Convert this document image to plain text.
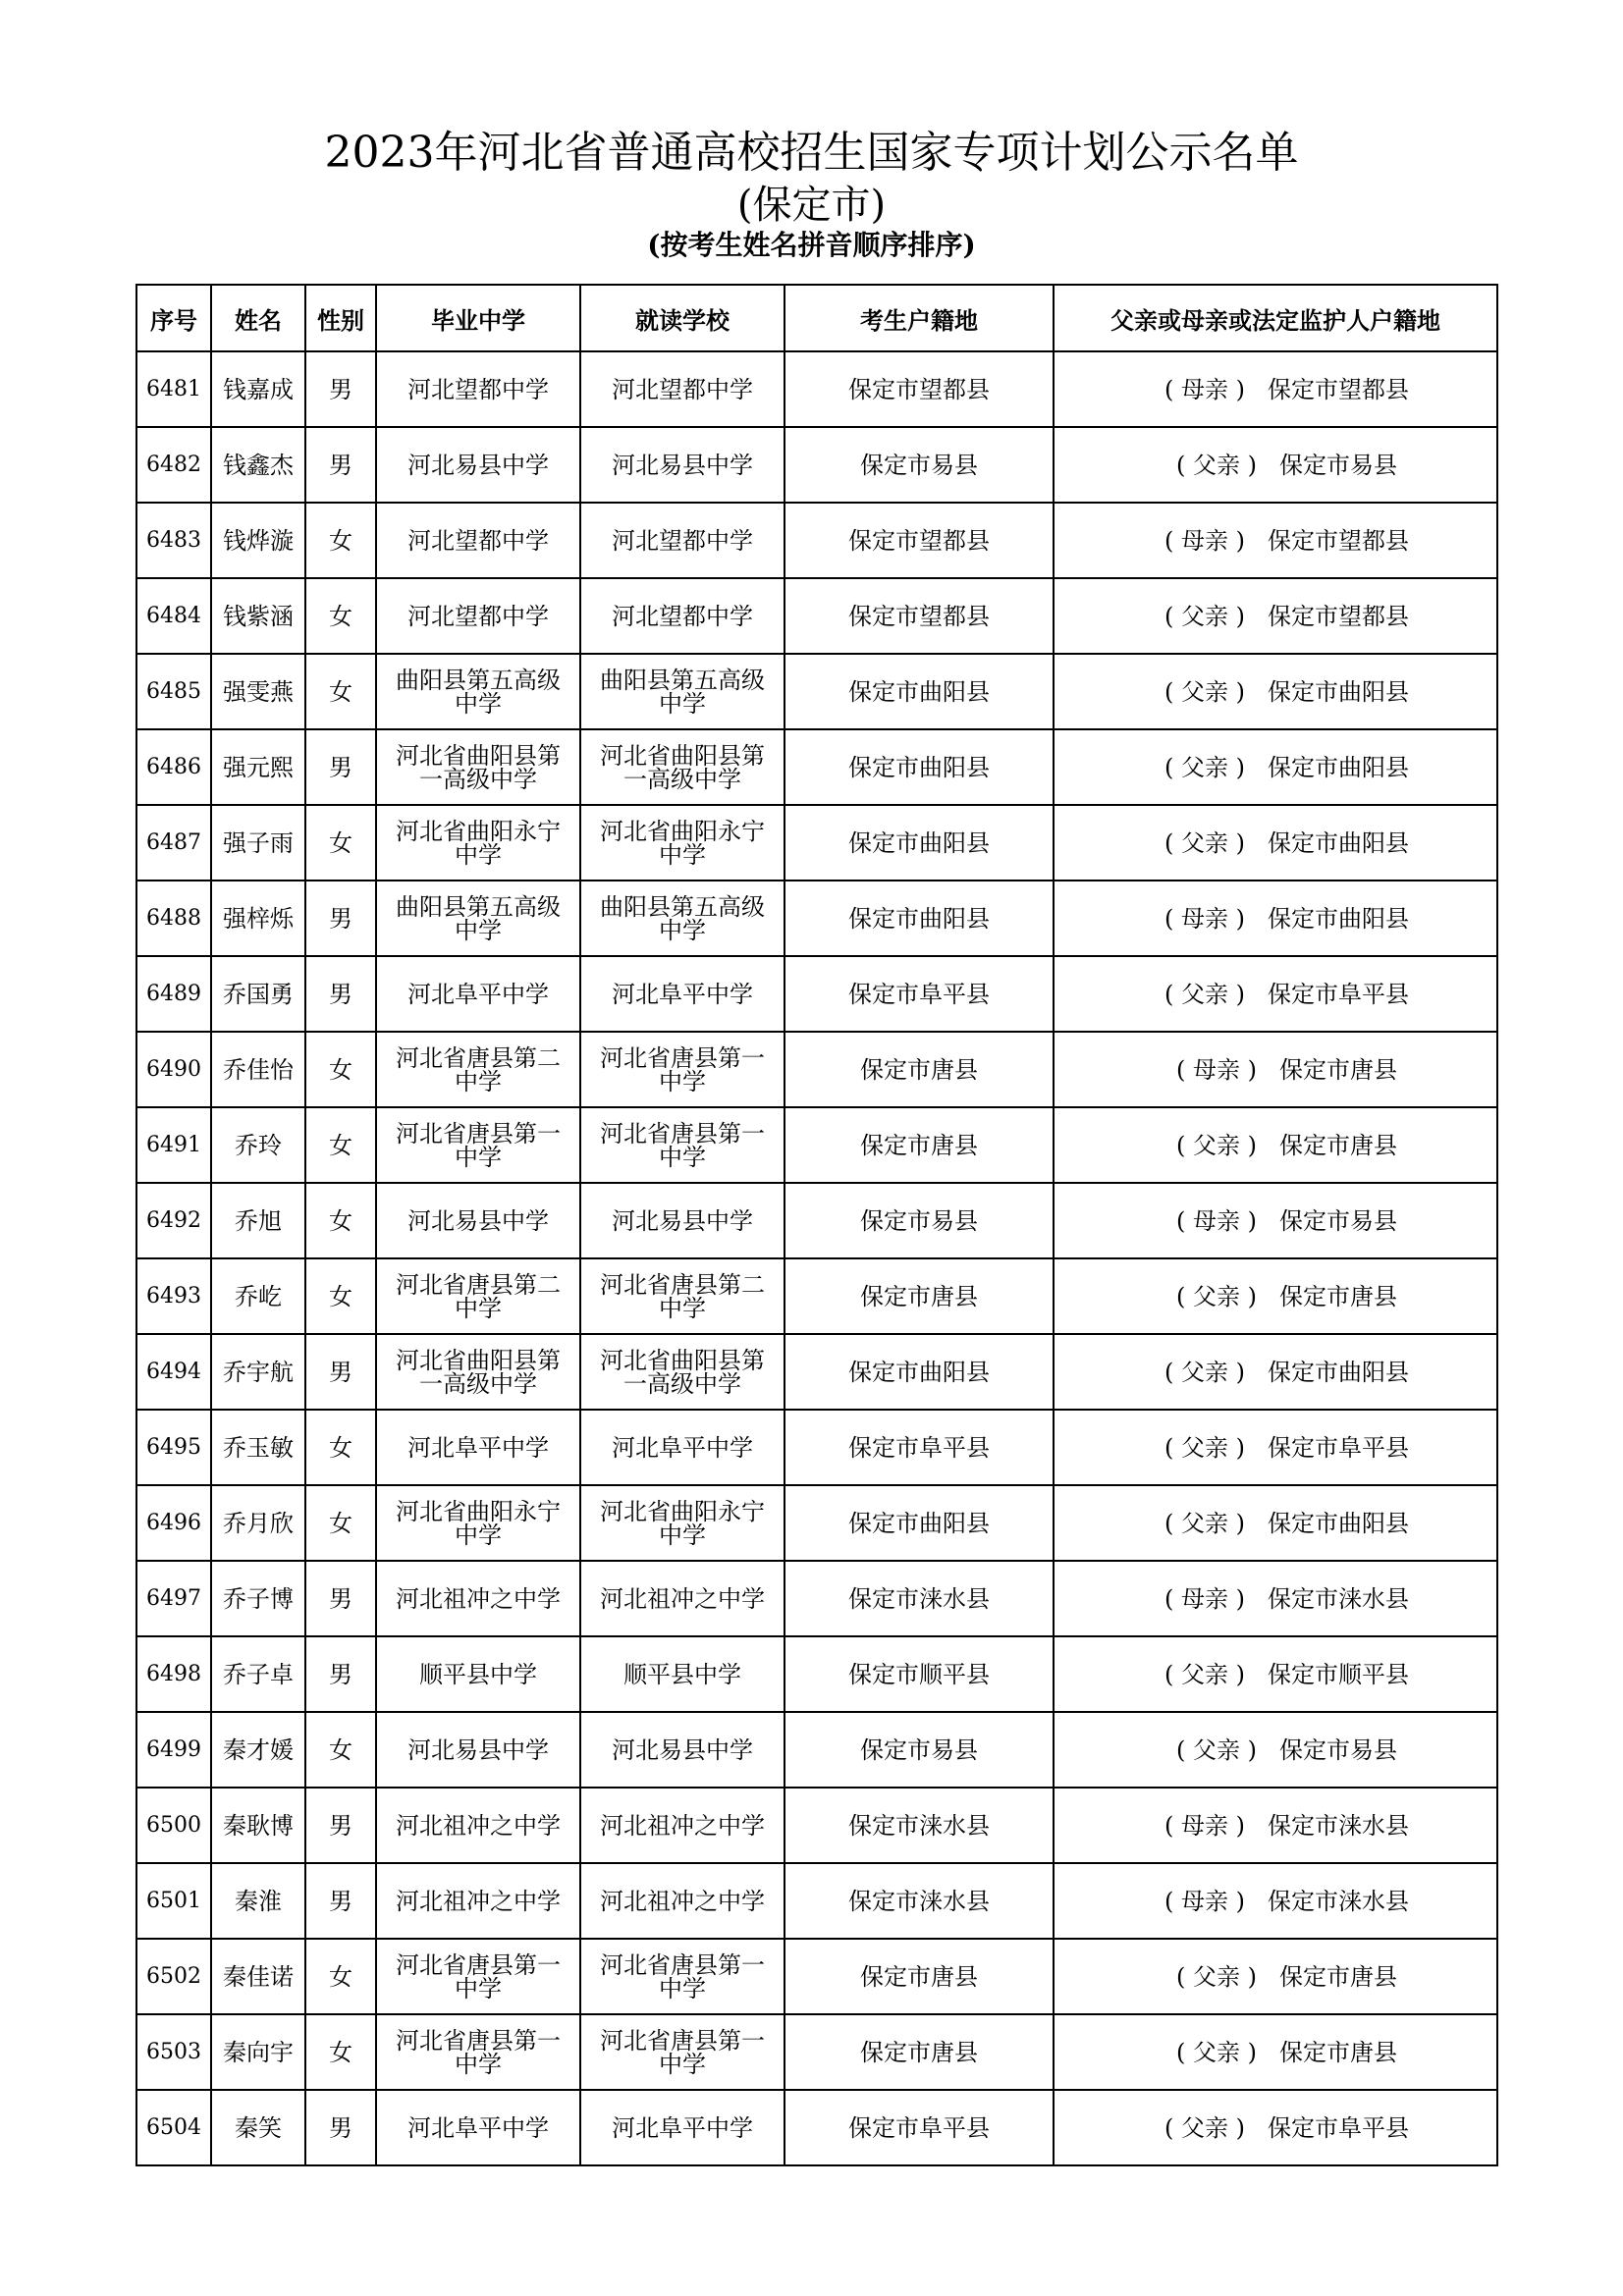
2023年河北省普通高校招生国家专项计划公示名单
(保定市)
(按考生姓名拼音顺序排序)
序号	姓名	性别	毕业中学	就读学校	考生户籍地	父亲或母亲或法定监护人户籍地
6481	钱嘉成	男	河北望都中学	河北望都中学	保定市望都县	( 母亲 ) 保定市望都县
6482	钱鑫杰	男	河北易县中学	河北易县中学	保定市易县	( 父亲 ) 保定市易县
6483	钱烨漩	女	河北望都中学	河北望都中学	保定市望都县	( 母亲 ) 保定市望都县
6484	钱紫涵	女	河北望都中学	河北望都中学	保定市望都县	( 父亲 ) 保定市望都县
6485	强雯燕	女	曲阳县第五高级中学	曲阳县第五高级中学	保定市曲阳县	( 父亲 ) 保定市曲阳县
6486	强元熙	男	河北省曲阳县第一高级中学	河北省曲阳县第一高级中学	保定市曲阳县	( 父亲 ) 保定市曲阳县
6487	强子雨	女	河北省曲阳永宁中学	河北省曲阳永宁中学	保定市曲阳县	( 父亲 ) 保定市曲阳县
6488	强梓烁	男	曲阳县第五高级中学	曲阳县第五高级中学	保定市曲阳县	( 母亲 ) 保定市曲阳县
6489	乔国勇	男	河北阜平中学	河北阜平中学	保定市阜平县	( 父亲 ) 保定市阜平县
6490	乔佳怡	女	河北省唐县第二中学	河北省唐县第一中学	保定市唐县	( 母亲 ) 保定市唐县
6491	乔玲	女	河北省唐县第一中学	河北省唐县第一中学	保定市唐县	( 父亲 ) 保定市唐县
6492	乔旭	女	河北易县中学	河北易县中学	保定市易县	( 母亲 ) 保定市易县
6493	乔屹	女	河北省唐县第二中学	河北省唐县第二中学	保定市唐县	( 父亲 ) 保定市唐县
6494	乔宇航	男	河北省曲阳县第一高级中学	河北省曲阳县第一高级中学	保定市曲阳县	( 父亲 ) 保定市曲阳县
6495	乔玉敏	女	河北阜平中学	河北阜平中学	保定市阜平县	( 父亲 ) 保定市阜平县
6496	乔月欣	女	河北省曲阳永宁中学	河北省曲阳永宁中学	保定市曲阳县	( 父亲 ) 保定市曲阳县
6497	乔子博	男	河北祖冲之中学	河北祖冲之中学	保定市涞水县	( 母亲 ) 保定市涞水县
6498	乔子卓	男	顺平县中学	顺平县中学	保定市顺平县	( 父亲 ) 保定市顺平县
6499	秦才媛	女	河北易县中学	河北易县中学	保定市易县	( 父亲 ) 保定市易县
6500	秦耿博	男	河北祖冲之中学	河北祖冲之中学	保定市涞水县	( 母亲 ) 保定市涞水县
6501	秦淮	男	河北祖冲之中学	河北祖冲之中学	保定市涞水县	( 母亲 ) 保定市涞水县
6502	秦佳诺	女	河北省唐县第一中学	河北省唐县第一中学	保定市唐县	( 父亲 ) 保定市唐县
6503	秦向宇	女	河北省唐县第一中学	河北省唐县第一中学	保定市唐县	( 父亲 ) 保定市唐县
6504	秦笑	男	河北阜平中学	河北阜平中学	保定市阜平县	( 父亲 ) 保定市阜平县
